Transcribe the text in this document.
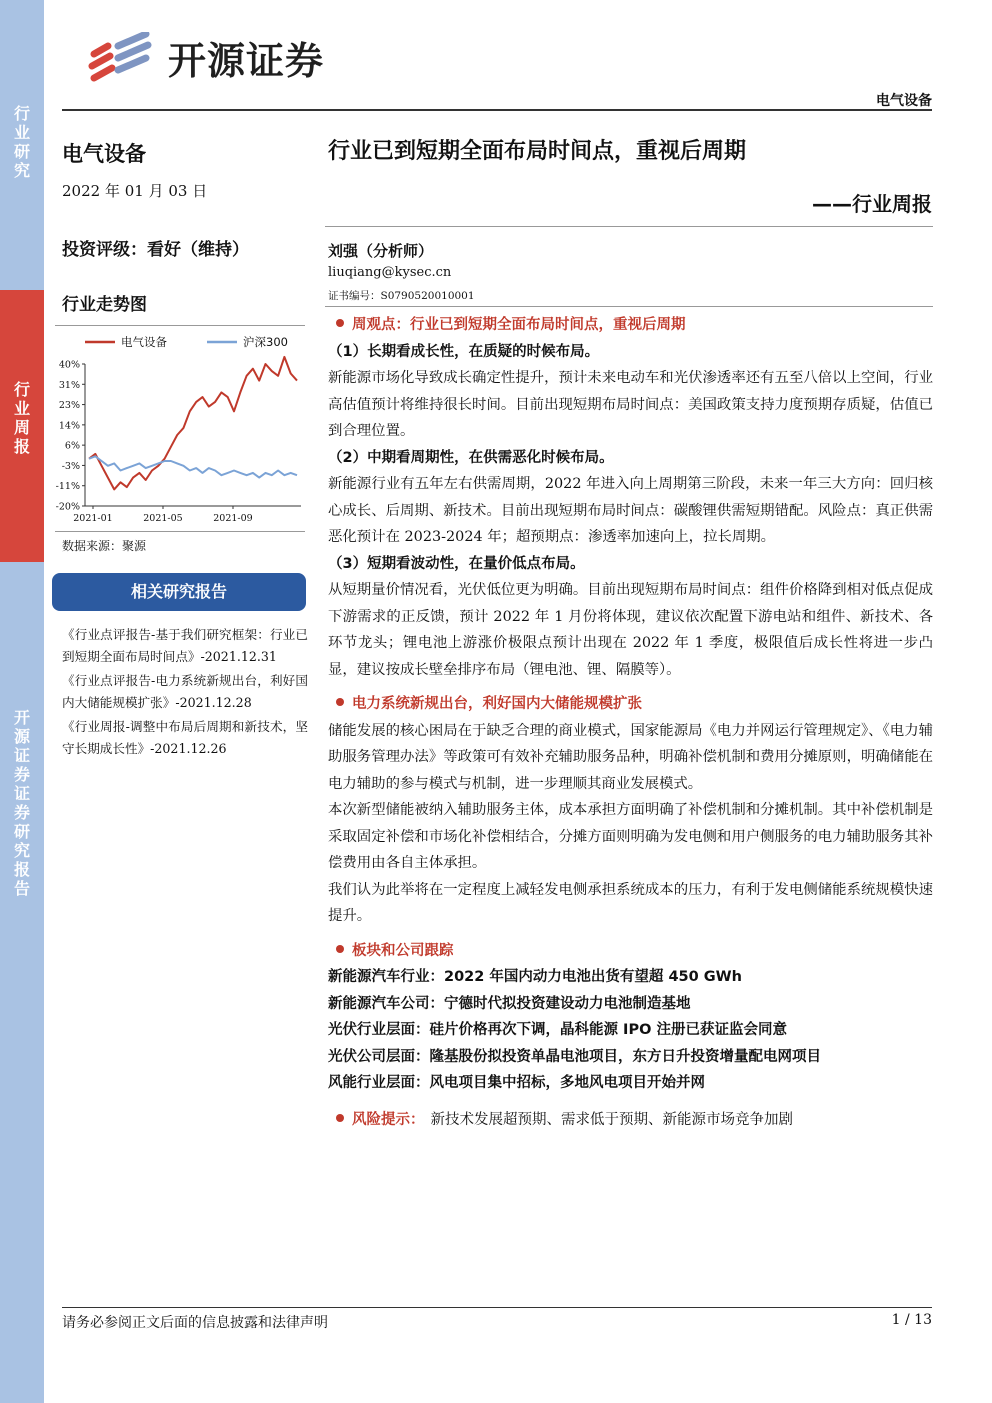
行业研究
行业周报
开源证券证券研究报告
开源证券
电气设备
电气设备
2022 年 01 月 03 日
投资评级：看好（维持）
行业走势图
电气设备	沪深300
40%
31%
23%
14%
6%
-3%
-11%
-20%
2021-01	2021-05	2021-09
数据来源：聚源
相关研究报告
《行业点评报告-基于我们研究框架：行业已到短期全面布局时间点》-2021.12.31
《行业点评报告-电力系统新规出台，利好国内大储能规模扩张》-2021.12.28
《行业周报-调整中布局后周期和新技术，坚守长期成长性》-2021.12.26
行业已到短期全面布局时间点，重视后周期
——行业周报
刘强（分析师）
liuqiang@kysec.cn
证书编号：S0790520010001
周观点：行业已到短期全面布局时间点，重视后周期
（1）长期看成长性，在质疑的时候布局。

新能源市场化导致成长确定性提升，预计未来电动车和光伏渗透率还有五至八倍以上空间，行业高估值预计将维持很长时间。目前出现短期布局时间点：美国政策支持力度预期存质疑，估值已到合理位置。

（2）中期看周期性，在供需恶化时候布局。

新能源行业有五年左右供需周期，2022 年进入向上周期第三阶段，未来一年三大方向：回归核心成长、后周期、新技术。目前出现短期布局时间点：碳酸锂供需短期错配。风险点：真正供需恶化预计在 2023-2024 年；超预期点：渗透率加速向上，拉长周期。

（3）短期看波动性，在量价低点布局。

从短期量价情况看，光伏低位更为明确。目前出现短期布局时间点：组件价格降到相对低点促成下游需求的正反馈，预计 2022 年 1 月份将体现，建议依次配置下游电站和组件、新技术、各环节龙头；锂电池上游涨价极限点预计出现在 2022 年 1 季度，极限值后成长性将进一步凸显，建议按成长壁垒排序布局（锂电池、锂、隔膜等）。

电力系统新规出台，利好国内大储能规模扩张

储能发展的核心困局在于缺乏合理的商业模式，国家能源局《电力并网运行管理规定》、《电力辅助服务管理办法》等政策可有效补充辅助服务品种，明确补偿机制和费用分摊原则，明确储能在电力辅助的参与模式与机制，进一步理顺其商业发展模式。

本次新型储能被纳入辅助服务主体，成本承担方面明确了补偿机制和分摊机制。其中补偿机制是采取固定补偿和市场化补偿相结合，分摊方面则明确为发电侧和用户侧服务的电力辅助服务其补偿费用由各自主体承担。

我们认为此举将在一定程度上减轻发电侧承担系统成本的压力，有利于发电侧储能系统规模快速提升。

板块和公司跟踪
新能源汽车行业：2022 年国内动力电池出货有望超 450 GWh
新能源汽车公司：宁德时代拟投资建设动力电池制造基地
光伏行业层面：硅片价格再次下调，晶科能源 IPO 注册已获证监会同意
光伏公司层面：隆基股份拟投资单晶电池项目，东方日升投资增量配电网项目
风能行业层面：风电项目集中招标，多地风电项目开始并网
风险提示： 新技术发展超预期、需求低于预期、新能源市场竞争加剧
请务必参阅正文后面的信息披露和法律声明	1 / 13
